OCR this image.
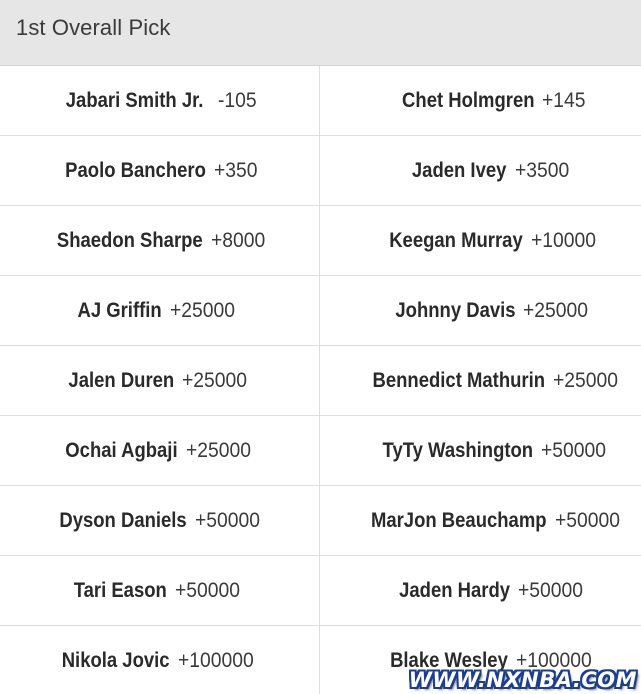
1st Overall Pick
Jabari Smith Jr. -105	Chet Holmgren +145
Paolo Banchero +350	Jaden Ivey +3500
Shaedon Sharpe +8000	Keegan Murray +10000
AJ Griffin +25000	Johnny Davis +25000
Jalen Duren +25000	Bennedict Mathurin +25000
Ochai Agbaji +25000	TyTy Washington +50000
Dyson Daniels +50000	MarJon Beauchamp +50000
Tari Eason +50000	Jaden Hardy +50000
Nikola Jovic +100000	Blake Wesley +100000
WWW.NXNBA.COM
